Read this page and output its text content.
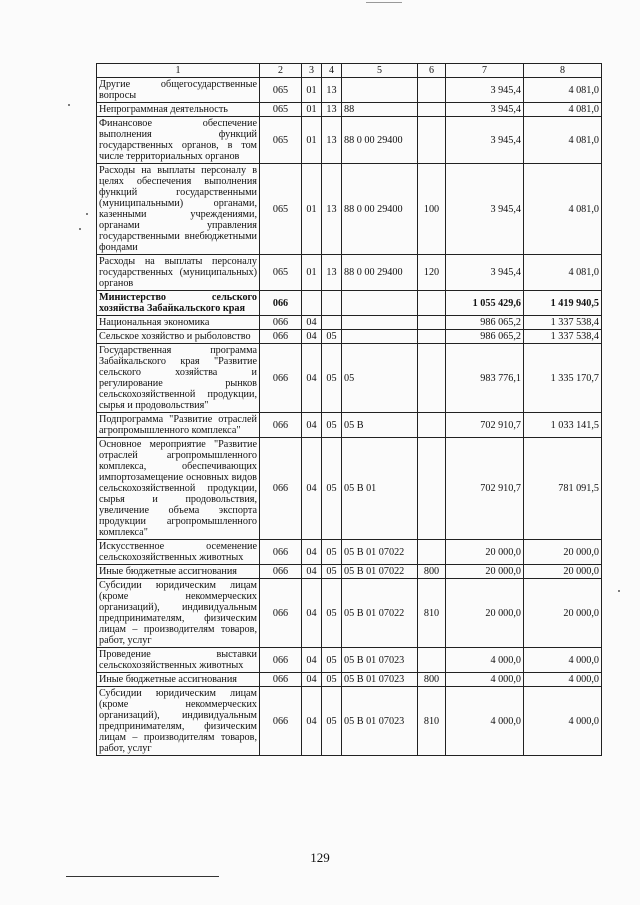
1	2	3	4	5	6	7	8
Другие общегосударственные вопросы	065	01	13			3 945,4	4 081,0
Непрограммная деятельность	065	01	13	88		3 945,4	4 081,0
Финансовое обеспечение выполнения функций государственных органов, в том числе территориальных органов	065	01	13	88 0 00 29400		3 945,4	4 081,0
Расходы на выплаты персоналу в целях обеспечения выполнения функций государственными (муниципальными) органами, казенными учреждениями, органами управления государственными внебюджетными фондами	065	01	13	88 0 00 29400	100	3 945,4	4 081,0
Расходы на выплаты персоналу государственных (муниципальных) органов	065	01	13	88 0 00 29400	120	3 945,4	4 081,0
Министерство сельского хозяйства Забайкальского края	066					1 055 429,6	1 419 940,5
Национальная экономика	066	04				986 065,2	1 337 538,4
Сельское хозяйство и рыболовство	066	04	05			986 065,2	1 337 538,4
Государственная программа Забайкальского края "Развитие сельского хозяйства и регулирование рынков сельскохозяйственной продукции, сырья и продовольствия"	066	04	05	05		983 776,1	1 335 170,7
Подпрограмма "Развитие отраслей агропромышленного комплекса"	066	04	05	05 В		702 910,7	1 033 141,5
Основное мероприятие "Развитие отраслей агропромышленного комплекса, обеспечивающих импортозамещение основных видов сельскохозяйственной продукции, сырья и продовольствия, увеличение объема экспорта продукции агропромышленного комплекса"	066	04	05	05 В 01		702 910,7	781 091,5
Искусственное осеменение сельскохозяйственных животных	066	04	05	05 В 01 07022		20 000,0	20 000,0
Иные бюджетные ассигнования	066	04	05	05 В 01 07022	800	20 000,0	20 000,0
Субсидии юридическим лицам (кроме некоммерческих организаций), индивидуальным предпринимателям, физическим лицам – производителям товаров, работ, услуг	066	04	05	05 В 01 07022	810	20 000,0	20 000,0
Проведение выставки сельскохозяйственных животных	066	04	05	05 В 01 07023		4 000,0	4 000,0
Иные бюджетные ассигнования	066	04	05	05 В 01 07023	800	4 000,0	4 000,0
Субсидии юридическим лицам (кроме некоммерческих организаций), индивидуальным предпринимателям, физическим лицам – производителям товаров, работ, услуг	066	04	05	05 В 01 07023	810	4 000,0	4 000,0
129
